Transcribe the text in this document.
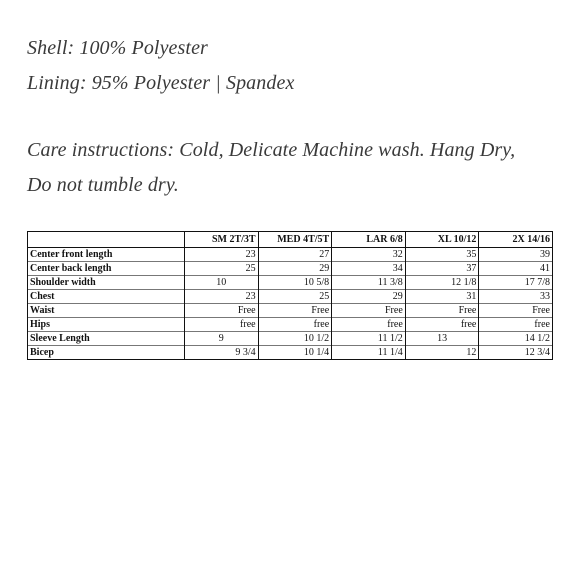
Shell: 100% Polyester

Lining: 95% Polyester | Spandex

Care instructions: Cold, Delicate Machine wash. Hang Dry,

Do not tumble dry.

	SM 2T/3T	MED 4T/5T	LAR 6/8	XL 10/12	2X 14/16
Center front length	23	27	32	35	39
Center back length	25	29	34	37	41
Shoulder width	10	10 5/8	11 3/8	12 1/8	17 7/8
Chest	23	25	29	31	33
Waist	Free	Free	Free	Free	Free
Hips	free	free	free	free	free
Sleeve Length	9	10 1/2	11 1/2	13	14 1/2
Bicep	9 3/4	10 1/4	11 1/4	12	12 3/4
